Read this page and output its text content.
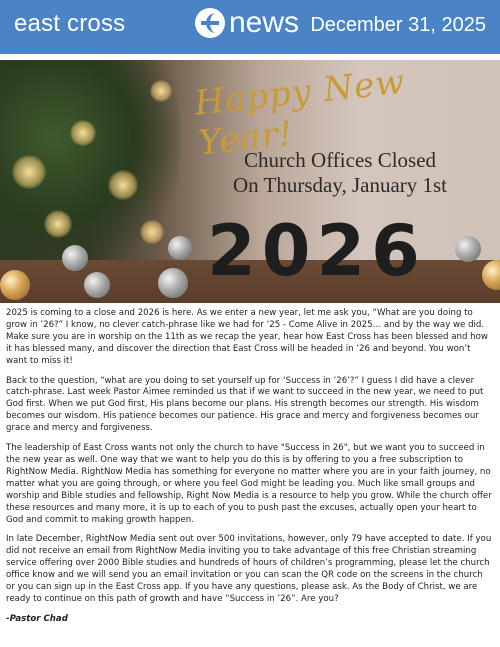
east cross	news December 31, 2025
Happy New Year!
Church Offices Closed
On Thursday, January 1st
2026

2025 is coming to a close and 2026 is here. As we enter a new year, let me ask you, “What are you doing to grow in ’26?” I know, no clever catch-phrase like we had for ’25 - Come Alive in 2025… and by the way we did. Make sure you are in worship on the 11th as we recap the year, hear how East Cross has been blessed and how it has blessed many, and discover the direction that East Cross will be headed in ’26 and beyond. You won’t want to miss it!

Back to the question, “what are you doing to set yourself up for ‘Success in ’26’?” I guess I did have a clever catch-phrase. Last week Pastor Aimee reminded us that if we want to succeed in the new year, we need to put God first. When we put God first, His plans become our plans. His strength becomes our strength. His wisdom becomes our wisdom. His patience becomes our patience. His grace and mercy and forgiveness becomes our grace and mercy and forgiveness.

The leadership of East Cross wants not only the church to have "Success in 26", but we want you to succeed in the new year as well. One way that we want to help you do this is by offering to you a free subscription to RightNow Media. RightNow Media has something for everyone no matter where you are in your faith journey, no matter what you are going through, or where you feel God might be leading you. Much like small groups and worship and Bible studies and fellowship, Right Now Media is a resource to help you grow. While the church offer these resources and many more, it is up to each of you to push past the excuses, actually open your heart to God and commit to making growth happen.

In late December, RightNow Media sent out over 500 invitations, however, only 79 have accepted to date. If you did not receive an email from RightNow Media inviting you to take advantage of this free Christian streaming service offering over 2000 Bible studies and hundreds of hours of children’s programming, please let the church office know and we will send you an email invitation or you can scan the QR code on the screens in the church or you can sign up in the East Cross app. If you have any questions, please ask. As the Body of Christ, we are ready to continue on this path of growth and have “Success in ’26”. Are you?

-Pastor Chad
